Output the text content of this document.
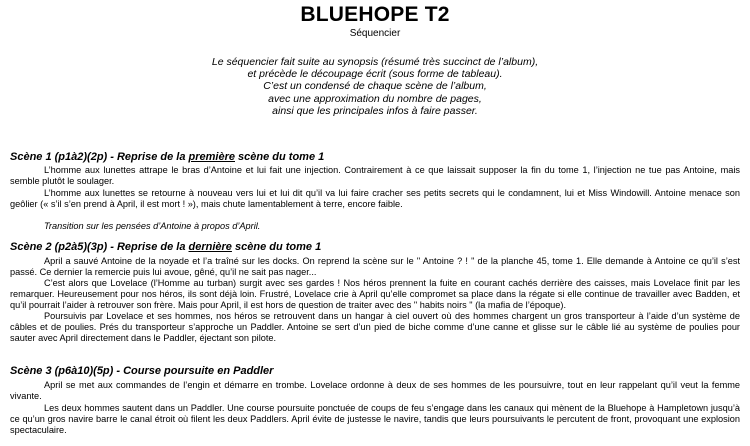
BLUEHOPE T2
Séquencier
Le séquencier fait suite au synopsis (résumé très succinct de l’album),
et précède le découpage écrit (sous forme de tableau).
C’est un condensé de chaque scène de l’album,
avec une approximation du nombre de pages,
ainsi que les principales infos à faire passer.
Scène 1 (p1à2)(2p) - Reprise de la première scène du tome 1
L’homme aux lunettes attrape le bras d’Antoine et lui fait une injection. Contrairement à ce que laissait supposer la fin du tome 1, l’injection ne tue pas Antoine, mais semble plutôt le soulager.
L’homme aux lunettes se retourne à nouveau vers lui et lui dit qu’il va lui faire cracher ses petits secrets qui le condamnent, lui et Miss Windowill. Antoine menace son geôlier (« s’il s’en prend à April, il est mort ! »), mais chute lamentablement à terre, encore faible.
Transition sur les pensées d’Antoine à propos d’April.
Scène 2 (p2à5)(3p) - Reprise de la dernière scène du tome 1
April a sauvé Antoine de la noyade et l’a traîné sur les docks. On reprend la scène sur le " Antoine ? ! " de la planche 45, tome 1. Elle demande à Antoine ce qu’il s’est passé. Ce dernier la remercie puis lui avoue, gêné, qu’il ne sait pas nager...
C’est alors que Lovelace (l’Homme au turban) surgit avec ses gardes ! Nos héros prennent la fuite en courant cachés derrière des caisses, mais Lovelace finit par les remarquer. Heureusement pour nos héros, ils sont déjà loin. Frustré, Lovelace crie à April qu’elle compromet sa place dans la régate si elle continue de travailler avec Badden, et qu’il pourrait l’aider à retrouver son frère. Mais pour April, il est hors de question de traiter avec des " habits noirs " (la mafia de l’époque).
Poursuivis par Lovelace et ses hommes, nos héros se retrouvent dans un hangar à ciel ouvert où des hommes chargent un gros transporteur à l’aide d’un système de câbles et de poulies. Prés du transporteur s’approche un Paddler. Antoine se sert d’un pied de biche comme d’une canne et glisse sur le câble lié au système de poulies pour sauter avec April directement dans le Paddler, éjectant son pilote.
Scène 3 (p6à10)(5p) - Course poursuite en Paddler
April se met aux commandes de l’engin et démarre en trombe. Lovelace ordonne à deux de ses hommes de les poursuivre, tout en leur rappelant qu’il veut la femme vivante.
Les deux hommes sautent dans un Paddler. Une course poursuite ponctuée de coups de feu s’engage dans les canaux qui mènent de la Bluehope à Hampletown jusqu’à ce qu’un gros navire barre le canal étroit où filent les deux Paddlers. April évite de justesse le navire, tandis que leurs poursuivants le percutent de front, provoquant une explosion spectaculaire.
